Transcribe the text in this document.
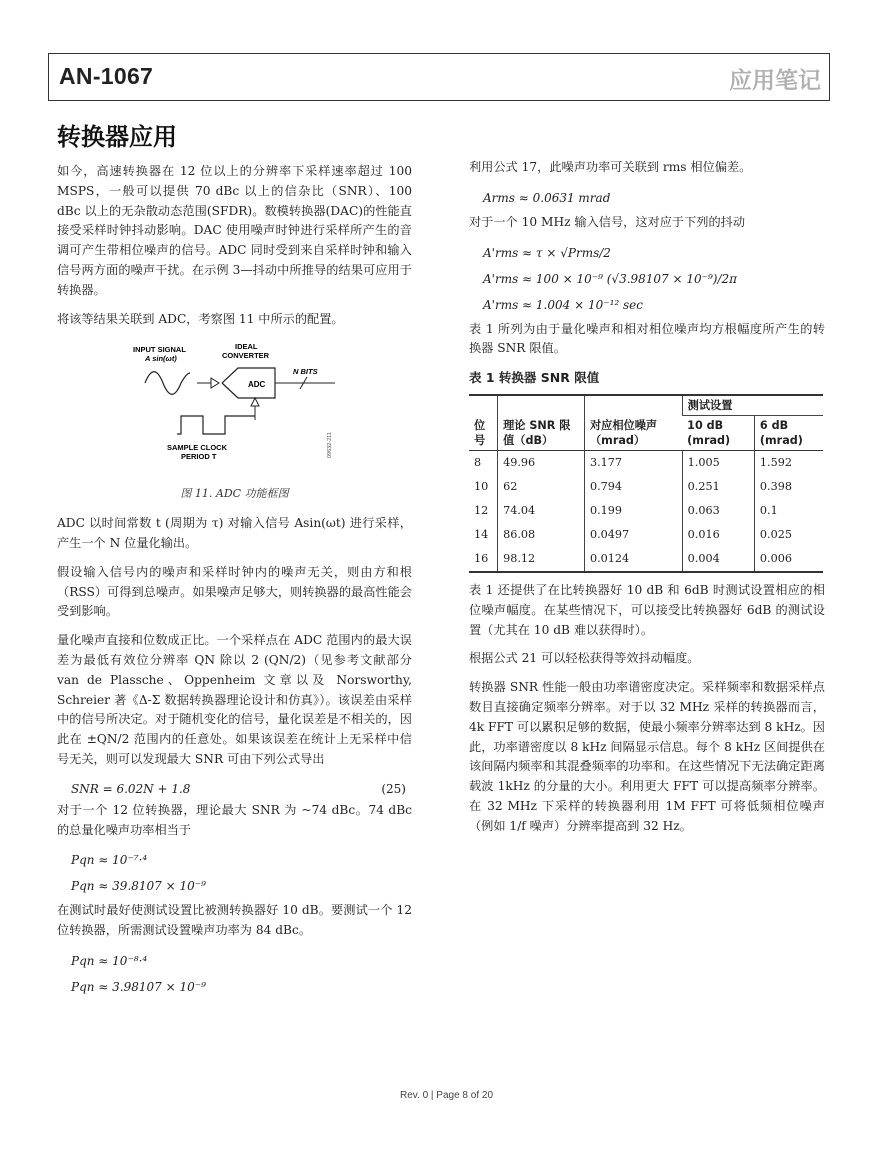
AN-1067	应用笔记
转换器应用

如今，高速转换器在 12 位以上的分辨率下采样速率超过 100 MSPS，一般可以提供 70 dBc 以上的信杂比（SNR）、100 dBc 以上的无杂散动态范围(SFDR)。数模转换器(DAC)的性能直接受采样时钟抖动影响。DAC 使用噪声时钟进行采样所产生的音调可产生带相位噪声的信号。ADC 同时受到来自采样时钟和输入信号两方面的噪声干扰。在示例 3—抖动中所推导的结果可应用于转换器。

将该等结果关联到 ADC，考察图 11 中所示的配置。

INPUT SIGNAL
A sin(ωt)
IDEAL
CONVERTER
ADC
N BITS
SAMPLE CLOCK
PERIOD T	09632-211
图 11. ADC 功能框图

ADC 以时间常数 t (周期为 τ) 对输入信号 Asin(ωt) 进行采样，产生一个 N 位量化输出。

假设输入信号内的噪声和采样时钟内的噪声无关，则由方和根（RSS）可得到总噪声。如果噪声足够大，则转换器的最高性能会受到影响。

量化噪声直接和位数成正比。一个采样点在 ADC 范围内的最大误差为最低有效位分辨率 QN 除以 2 (QN/2)（见参考文献部分 van de Plassche、Oppenheim 文章以及 Norsworthy, Schreier 著《Δ-Σ 数据转换器理论设计和仿真》）。该误差由采样中的信号所决定。对于随机变化的信号，量化误差是不相关的，因此在 ±QN/2 范围内的任意处。如果该误差在统计上无采样中信号无关，则可以发现最大 SNR 可由下列公式导出

SNR = 6.02N + 1.8	(25)

对于一个 12 位转换器，理论最大 SNR 为 ~74 dBc。74 dBc 的总量化噪声功率相当于

Pqn ≈ 10⁻⁷·⁴
Pqn ≈ 39.8107 × 10⁻⁹

在测试时最好使测试设置比被测转换器好 10 dB。要测试一个 12 位转换器，所需测试设置噪声功率为 84 dBc。

Pqn ≈ 10⁻⁸·⁴
Pqn ≈ 3.98107 × 10⁻⁹

利用公式 17，此噪声功率可关联到 rms 相位偏差。

Arms ≈ 0.0631 mrad

对于一个 10 MHz 输入信号，这对应于下列的抖动

A'rms ≈ τ × √Prms/2
A'rms ≈ 100 × 10⁻⁹ (√3.98107 × 10⁻⁹)/2π
A'rms ≈ 1.004 × 10⁻¹² sec

表 1 所列为由于量化噪声和相对相位噪声均方根幅度所产生的转换器 SNR 限值。

表 1 转换器 SNR 限值
位号	理论 SNR 限值（dB）	对应相位噪声（mrad）	测试设置	
			10 dB (mrad)	6 dB (mrad)
8	49.96	3.177	1.005	1.592
10	62	0.794	0.251	0.398
12	74.04	0.199	0.063	0.1
14	86.08	0.0497	0.016	0.025
16	98.12	0.0124	0.004	0.006

表 1 还提供了在比转换器好 10 dB 和 6dB 时测试设置相应的相位噪声幅度。在某些情况下，可以接受比转换器好 6dB 的测试设置（尤其在 10 dB 难以获得时）。

根据公式 21 可以轻松获得等效抖动幅度。

转换器 SNR 性能一般由功率谱密度决定。采样频率和数据采样点数目直接确定频率分辨率。对于以 32 MHz 采样的转换器而言，4k FFT 可以累积足够的数据，使最小频率分辨率达到 8 kHz。因此，功率谱密度以 8 kHz 间隔显示信息。每个 8 kHz 区间提供在该间隔内频率和其混叠频率的功率和。在这些情况下无法确定距离载波 1kHz 的分量的大小。利用更大 FFT 可以提高频率分辨率。在 32 MHz 下采样的转换器利用 1M FFT 可将低频相位噪声（例如 1/f 噪声）分辨率提高到 32 Hz。

Rev. 0 | Page 8 of 20
